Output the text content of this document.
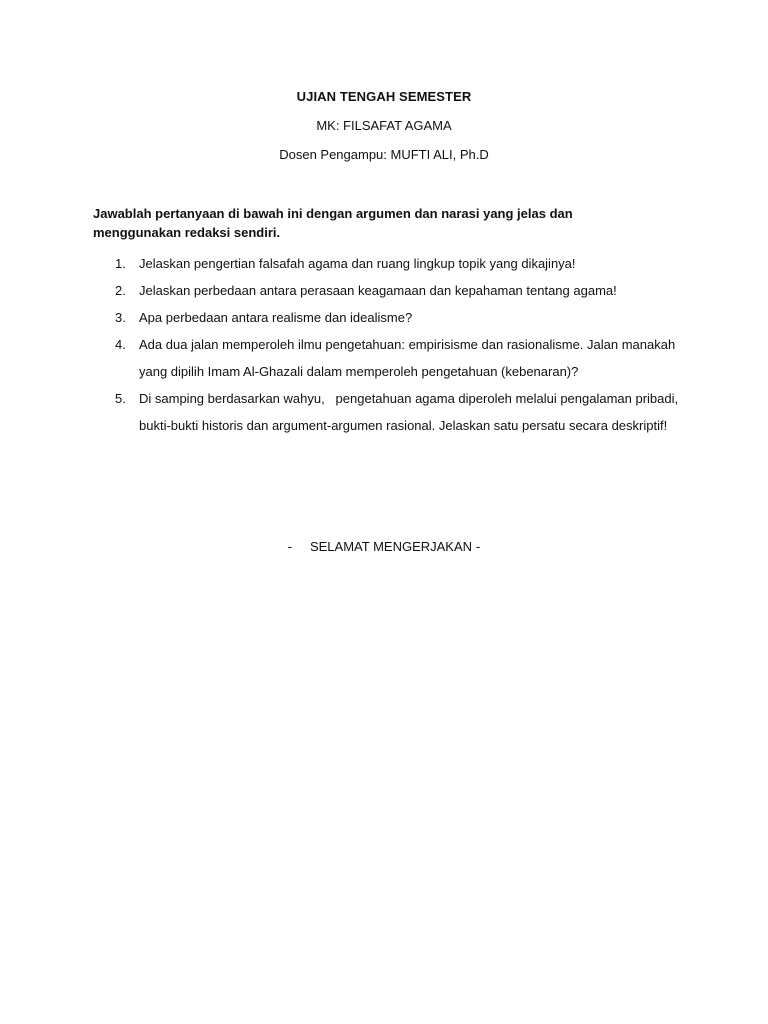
UJIAN TENGAH SEMESTER
MK: FILSAFAT AGAMA
Dosen Pengampu: MUFTI ALI, Ph.D

Jawablah pertanyaan di bawah ini dengan argumen dan narasi yang jelas dan

menggunakan redaksi sendiri.

1. Jelaskan pengertian falsafah agama dan ruang lingkup topik yang dikajinya!
2. Jelaskan perbedaan antara perasaan keagamaan dan kepahaman tentang agama!
3. Apa perbedaan antara realisme dan idealisme?
4. Ada dua jalan memperoleh ilmu pengetahuan: empirisisme dan rasionalisme. Jalan manakah yang dipilih Imam Al-Ghazali dalam memperoleh pengetahuan (kebenaran)?
5. Di samping berdasarkan wahyu,   pengetahuan agama diperoleh melalui pengalaman pribadi, bukti-bukti historis dan argument-argumen rasional. Jelaskan satu persatu secara deskriptif!
- SELAMAT MENGERJAKAN -
